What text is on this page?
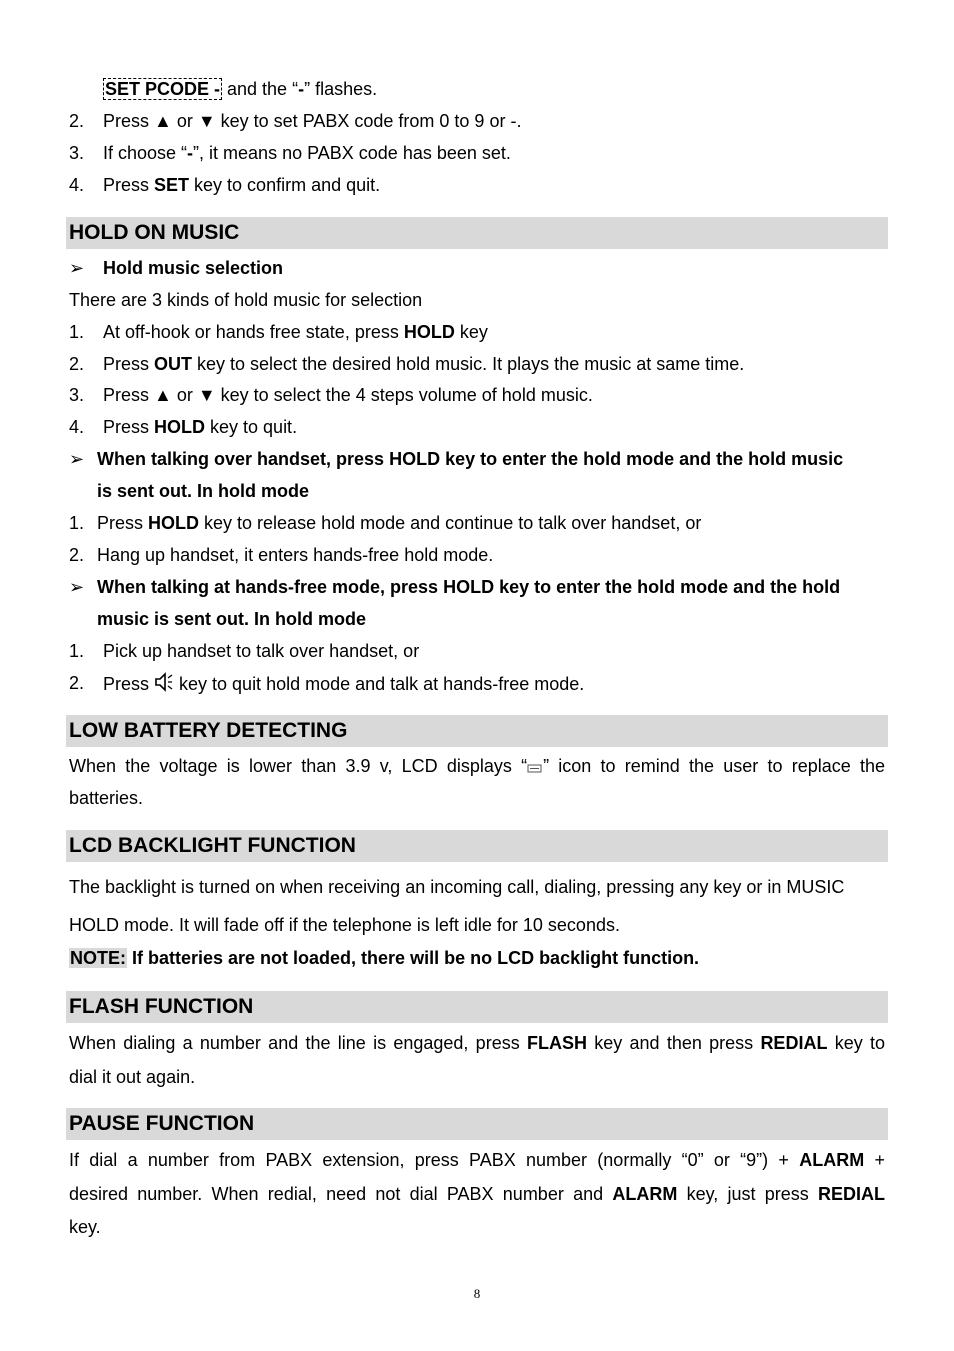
SET PCODE - and the “-” flashes.
2. Press ▲ or ▼ key to set PABX code from 0 to 9 or -.
3. If choose “-”, it means no PABX code has been set.
4. Press SET key to confirm and quit.
HOLD ON MUSIC
➢ Hold music selection
There are 3 kinds of hold music for selection
1. At off-hook or hands free state, press HOLD key
2. Press OUT key to select the desired hold music. It plays the music at same time.
3. Press ▲ or ▼ key to select the 4 steps volume of hold music.
4. Press HOLD key to quit.
➢ When talking over handset, press HOLD key to enter the hold mode and the hold music
is sent out. In hold mode
1. Press HOLD key to release hold mode and continue to talk over handset, or
2. Hang up handset, it enters hands-free hold mode.
➢ When talking at hands-free mode, press HOLD key to enter the hold mode and the hold
music is sent out. In hold mode
1. Pick up handset to talk over handset, or
2. Press  key to quit hold mode and talk at hands-free mode.
LOW BATTERY DETECTING
When the voltage is lower than 3.9 v, LCD displays “ ” icon to remind the user to replace the
batteries.
LCD BACKLIGHT FUNCTION
The backlight is turned on when receiving an incoming call, dialing, pressing any key or in MUSIC
HOLD mode. It will fade off if the telephone is left idle for 10 seconds.
NOTE: If batteries are not loaded, there will be no LCD backlight function.
FLASH FUNCTION
When dialing a number and the line is engaged, press FLASH key and then press REDIAL key to
dial it out again.
PAUSE FUNCTION
If dial a number from PABX extension, press PABX number (normally “0” or “9”) + ALARM +
desired number. When redial, need not dial PABX number and ALARM key, just press REDIAL
key.
8
